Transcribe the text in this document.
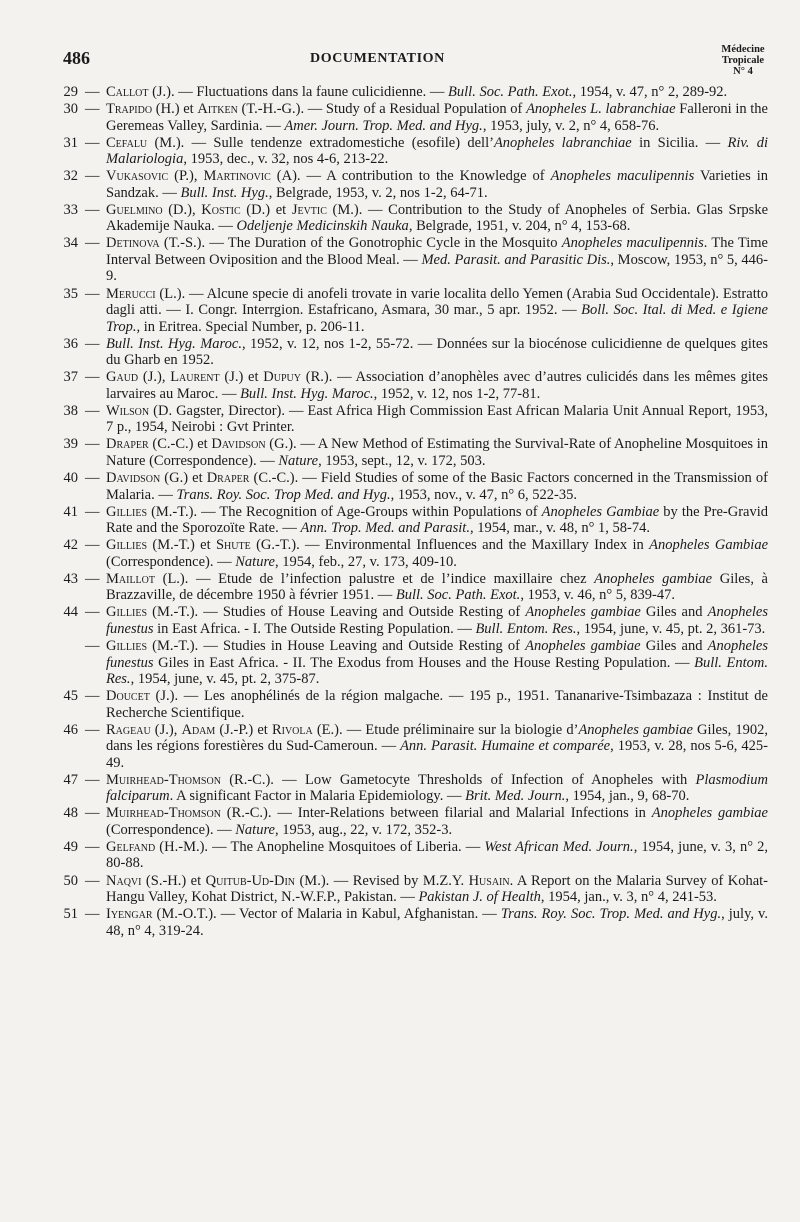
486	DOCUMENTATION
Médecine
Tropicale
N° 4
29 — Callot (J.). — Fluctuations dans la faune culicidienne. — Bull. Soc. Path. Exot., 1954, v. 47, n° 2, 289-92.
30 — Trapido (H.) et Aitken (T.-H.-G.). — Study of a Residual Population of Anopheles L. labranchiae Falleroni in the Geremeas Valley, Sardinia. — Amer. Journ. Trop. Med. and Hyg., 1953, july, v. 2, n° 4, 658-76.
31 — Cefalu (M.). — Sulle tendenze extradomestiche (esofile) dell’Anopheles labranchiae in Sicilia. — Riv. di Malariologia, 1953, dec., v. 32, nos 4-6, 213-22.
32 — Vukasovic (P.), Martinovic (A). — A contribution to the Knowledge of Anopheles maculipennis Varieties in Sandzak. — Bull. Inst. Hyg., Belgrade, 1953, v. 2, nos 1-2, 64-71.
33 — Guelmino (D.), Kostic (D.) et Jevtic (M.). — Contribution to the Study of Anopheles of Serbia. Glas Srpske Akademije Nauka. — Odeljenje Medicinskih Nauka, Belgrade, 1951, v. 204, n° 4, 153-68.
34 — Detinova (T.-S.). — The Duration of the Gonotrophic Cycle in the Mosquito Anopheles maculipennis. The Time Interval Between Oviposition and the Blood Meal. — Med. Parasit. and Parasitic Dis., Moscow, 1953, n° 5, 446-9.
35 — Merucci (L.). — Alcune specie di anofeli trovate in varie localita dello Yemen (Arabia Sud Occidentale). Estratto dagli atti. — I. Congr. Interrgion. Estafricano, Asmara, 30 mar., 5 apr. 1952. — Boll. Soc. Ital. di Med. e Igiene Trop., in Eritrea. Special Number, p. 206-11.
36 — Bull. Inst. Hyg. Maroc., 1952, v. 12, nos 1-2, 55-72. — Données sur la biocénose culicidienne de quelques gites du Gharb en 1952.
37 — Gaud (J.), Laurent (J.) et Dupuy (R.). — Association d’anophèles avec d’autres culicidés dans les mêmes gites larvaires au Maroc. — Bull. Inst. Hyg. Maroc., 1952, v. 12, nos 1-2, 77-81.
38 — Wilson (D. Gagster, Director). — East Africa High Commission East African Malaria Unit Annual Report, 1953, 7 p., 1954, Neirobi : Gvt Printer.
39 — Draper (C.-C.) et Davidson (G.). — A New Method of Estimating the Survival-Rate of Anopheline Mosquitoes in Nature (Correspondence). — Nature, 1953, sept., 12, v. 172, 503.
40 — Davidson (G.) et Draper (C.-C.). — Field Studies of some of the Basic Factors concerned in the Transmission of Malaria. — Trans. Roy. Soc. Trop Med. and Hyg., 1953, nov., v. 47, n° 6, 522-35.
41 — Gillies (M.-T.). — The Recognition of Age-Groups within Populations of Anopheles Gambiae by the Pre-Gravid Rate and the Sporozoïte Rate. — Ann. Trop. Med. and Parasit., 1954, mar., v. 48, n° 1, 58-74.
42 — Gillies (M.-T.) et Shute (G.-T.). — Environmental Influences and the Maxillary Index in Anopheles Gambiae (Correspondence). — Nature, 1954, feb., 27, v. 173, 409-10.
43 — Maillot (L.). — Etude de l’infection palustre et de l’indice maxillaire chez Anopheles gambiae Giles, à Brazzaville, de décembre 1950 à février 1951. — Bull. Soc. Path. Exot., 1953, v. 46, n° 5, 839-47.
44 — Gillies (M.-T.). — Studies of House Leaving and Outside Resting of Anopheles gambiae Giles and Anopheles funestus in East Africa. - I. The Outside Resting Population. — Bull. Entom. Res., 1954, june, v. 45, pt. 2, 361-73.
— Gillies (M.-T.). — Studies in House Leaving and Outside Resting of Anopheles gambiae Giles and Anopheles funestus Giles in East Africa. - II. The Exodus from Houses and the House Resting Population. — Bull. Entom. Res., 1954, june, v. 45, pt. 2, 375-87.
45 — Doucet (J.). — Les anophélinés de la région malgache. — 195 p., 1951. Tananarive-Tsimbazaza : Institut de Recherche Scientifique.
46 — Rageau (J.), Adam (J.-P.) et Rivola (E.). — Etude préliminaire sur la biologie d’Anopheles gambiae Giles, 1902, dans les régions forestières du Sud-Cameroun. — Ann. Parasit. Humaine et comparée, 1953, v. 28, nos 5-6, 425-49.
47 — Muirhead-Thomson (R.-C.). — Low Gametocyte Thresholds of Infection of Anopheles with Plasmodium falciparum. A significant Factor in Malaria Epidemiology. — Brit. Med. Journ., 1954, jan., 9, 68-70.
48 — Muirhead-Thomson (R.-C.). — Inter-Relations between filarial and Malarial Infections in Anopheles gambiae (Correspondence). — Nature, 1953, aug., 22, v. 172, 352-3.
49 — Gelfand (H.-M.). — The Anopheline Mosquitoes of Liberia. — West African Med. Journ., 1954, june, v. 3, n° 2, 80-88.
50 — Naqvi (S.-H.) et Quitub-Ud-Din (M.). — Revised by M.Z.Y. Husain. A Report on the Malaria Survey of Kohat-Hangu Valley, Kohat District, N.-W.F.P., Pakistan. — Pakistan J. of Health, 1954, jan., v. 3, n° 4, 241-53.
51 — Iyengar (M.-O.T.). — Vector of Malaria in Kabul, Afghanistan. — Trans. Roy. Soc. Trop. Med. and Hyg., july, v. 48, n° 4, 319-24.
